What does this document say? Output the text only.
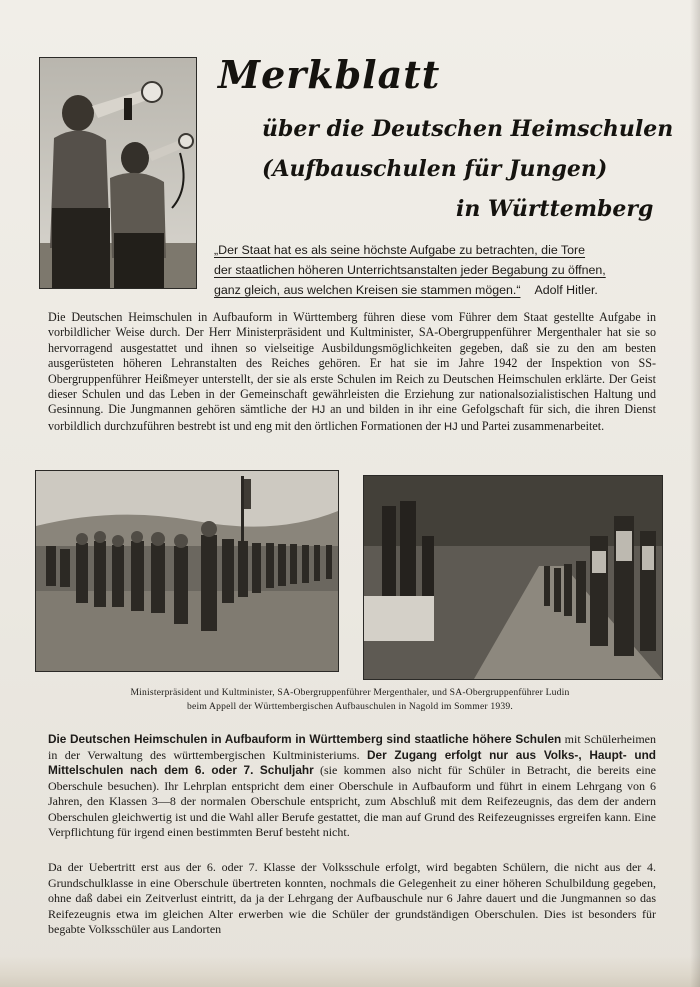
Merkblatt
über die Deutschen Heimschulen
(Aufbauschulen für Jungen)
in Württemberg
„Der Staat hat es als seine höchste Aufgabe zu betrachten, die Tore
der staatlichen höheren Unterrichtsanstalten jeder Begabung zu öffnen,
ganz gleich, aus welchen Kreisen sie stammen mögen.“ Adolf Hitler.
Die Deutschen Heimschulen in Aufbauform in Württemberg führen diese vom Führer dem Staat gestellte Aufgabe in vorbildlicher Weise durch. Der Herr Ministerpräsident und Kultminister, SA-Obergruppenführer Mergenthaler hat sie so hervorragend ausgestattet und ihnen so vielseitige Ausbildungsmöglichkeiten gegeben, daß sie zu den am besten ausgerüsteten höheren Lehranstalten des Reiches gehören. Er hat sie im Jahre 1942 der Inspektion von SS-Obergruppenführer Heißmeyer unterstellt, der sie als erste Schulen im Reich zu Deutschen Heimschulen erklärte. Der Geist dieser Schulen und das Leben in der Gemeinschaft gewährleisten die Erziehung zur nationalsozialistischen Haltung und Gesinnung. Die Jungmannen gehören sämtliche der HJ an und bilden in ihr eine Gefolgschaft für sich, die ihren Dienst vorbildlich durchzuführen bestrebt ist und eng mit den örtlichen Formationen der HJ und Partei zusammenarbeitet.
Ministerpräsident und Kultminister, SA-Obergruppenführer Mergenthaler, und SA-Obergruppenführer Ludin
beim Appell der Württembergischen Aufbauschulen in Nagold im Sommer 1939.
Die Deutschen Heimschulen in Aufbauform in Württemberg sind staatliche höhere Schulen mit Schülerheimen in der Verwaltung des württembergischen Kultministeriums. Der Zugang erfolgt nur aus Volks-, Haupt- und Mittelschulen nach dem 6. oder 7. Schuljahr (sie kommen also nicht für Schüler in Betracht, die bereits eine Oberschule besuchen). Ihr Lehrplan entspricht dem einer Oberschule in Aufbauform und führt in einem Lehrgang von 6 Jahren, den Klassen 3—8 der normalen Oberschule entspricht, zum Abschluß mit dem Reifezeugnis, das dem der andern Oberschulen gleichwertig ist und die Wahl aller Berufe gestattet, die man auf Grund des Reifezeugnisses ergreifen kann. Eine Verpflichtung für irgend einen bestimmten Beruf besteht nicht.
Da der Uebertritt erst aus der 6. oder 7. Klasse der Volksschule erfolgt, wird begabten Schülern, die nicht aus der 4. Grundschulklasse in eine Oberschule übertreten konnten, nochmals die Gelegenheit zu einer höheren Schulbildung gegeben, ohne daß dabei ein Zeitverlust eintritt, da ja der Lehrgang der Aufbauschule nur 6 Jahre dauert und die Jungmannen so das Reifezeugnis etwa im gleichen Alter erwerben wie die Schüler der grundständigen Oberschulen. Dies ist besonders für begabte Volksschüler aus Landorten
